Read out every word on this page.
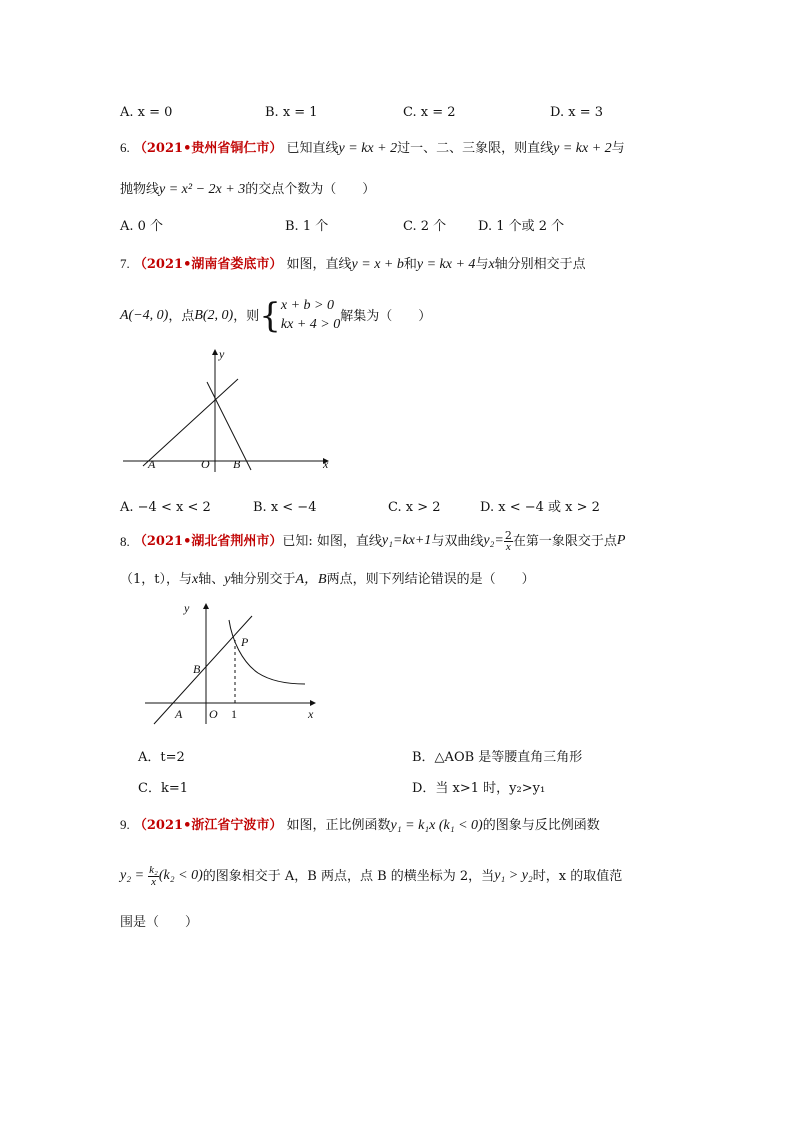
A. x = 0	B. x = 1	C. x = 2	D. x = 3
6. （2021•贵州省铜仁市） 已知直线y = kx + 2过一、二、三象限，则直线y = kx + 2与
抛物线y = x² − 2x + 3的交点个数为（　　）
A. 0 个	B. 1 个	C. 2 个 D. 1 个或 2 个
7. （2021•湖南省娄底市） 如图，直线y = x + b和y = kx + 4与x轴分别相交于点
A(−4, 0) ，点 B(2, 0) ，则 { x + b > 0
kx + 4 > 0
解集为（　　）
y
x
O
A	B
A. −4 < x < 2	B. x < −4	C. x > 2	D. x < −4 或 x > 2
8.
（2021•湖北省荆州市） 已知: 如图，直线 y₁=kx+1 与双曲线 $y_2= \frac{2}{x}$ 在第一象限交于点 P
（1，t），与x轴、y轴分别交于A，B两点，则下列结论错误的是（　　）
y
x
O
A
B
P
1
A．t=2	B．△AOB 是等腰直角三角形
C．k=1	D．当 x>1 时，y₂>y₁
9. （2021•浙江省宁波市） 如图，正比例函数y₁ = k₁x (k₁ < 0)的图象与反比例函数
y₂ =
$\frac{\text{k₂}}{x} (k_2 < 0)$ 的图象相交于 A，B 两点，点 B 的横坐标为 2，当 y₁ > y₂ 时，x 的取值范
围是（　　）
